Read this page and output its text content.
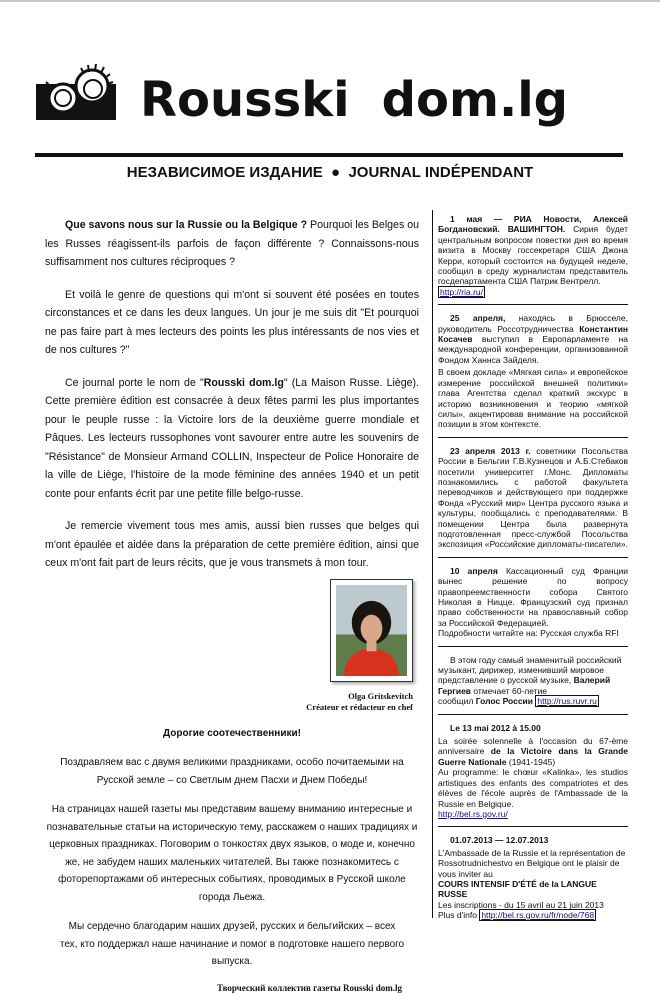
Rousski dom.lg
НЕЗАВИСИМОЕ ИЗДАНИЕ  ●  JOURNAL INDÉPENDANT

Que savons nous sur la Russie ou la Belgique ? Pourquoi les Belges ou les Russes réagissent-ils parfois de façon différente ? Connaissons-nous suffisamment nos cultures réciproques ?

Et voilà le genre de questions qui m'ont si souvent été posées en toutes circonstances et ce dans les deux langues. Un jour je me suis dit "Et pourquoi ne pas faire part à mes lecteurs des points les plus intéressants de nos vies et de nos cultures ?"

Ce journal porte le nom de "Rousski dom.lg" (La Maison Russe. Liège). Cette première édition est consacrée à deux fêtes parmi les plus importantes pour le peuple russe : la Victoire lors de la deuxième guerre mondiale et Pâques. Les lecteurs russophones vont savourer entre autre les souvenirs de "Résistance" de Monsieur Armand COLLIN, Inspecteur de Police Honoraire de la ville de Liège, l'histoire de la mode féminine des années 1940 et un petit conte pour enfants écrit par une petite fille belgo-russe.

Je remercie vivement tous mes amis, aussi bien russes que belges qui m'ont épaulée et aidée dans la préparation de cette première édition, ainsi que ceux m'ont fait part de leurs récits, que je vous transmets à mon tour.

Olga Gritskevitch
Créateur et rédacteur en chef

Дорогие соотечественники!

Поздравляем вас с двумя великими праздниками, особо почитаемыми на Русской земле – со Светлым днем Пасхи и Днем Победы!

На страницах нашей газеты мы представим вашему вниманию интересные и познавательные статьи на историческую тему, расскажем о наших традициях и церковных праздниках. Поговорим о тонкостях двух языков, о моде и, конечно же, не забудем наших маленьких читателей. Вы также познакомитесь с фоторепортажами об интересных событиях, проводимых в Русской школе города Льежа.

Мы сердечно благодарим наших друзей, русских и бельгийских – всех тех, кто поддержал наше начинание и помог в подготовке нашего первого выпуска.

Творческий коллектив газеты Rousski dom.lg
1 мая — РИА Новости, Алексей Богдановский. ВАШИНГТОН. Сирия будет центральным вопросом повестки дня во время визита в Москву госсекретаря США Джона Керри, который состоится на будущей неделе, сообщил в среду журналистам представитель госдепартамента США Патрик Вентрелл.
http://ria.ru/
25 апреля, находясь в Брюсселе, руководитель Россотрудничества Константин Косачев выступил в Европарламенте на международной конференции, организованной Фондом Ханнса Зайделя.
В своем докладе «Мягкая сила» и европейское измерение российской внешней политики» глава Агентства сделал краткий экскурс в историю возникновения и теорию «мягкой силы», акцентировав внимание на российской позиции в этом контексте.
23 апреля 2013 г. советники Посольства России в Бельгии Г.В.Кузнецов и А.Б.Стебаков посетили университет г.Монс. Дипломаты познакомились с работой факультета переводчиков и действующего при поддержке Фонда «Русский мир» Центра русского языка и культуры, пообщались с преподавателями. В помещении Центра была развернута подготовленная пресс-службой Посольства экспозиция «Российские дипломаты-писатели».
10 апреля Кассационный суд Франции вынес решение по вопросу правопреемственности собора Святого Николая в Ницце. Французский суд признал право собственности на православный собор за Российской Федерацией.
Подробности читайте на: Русская служба RFI
В этом году самый знаменитый российский музыкант, дирижер, изменивший мировое представление о русской музыке, Валерий Гергиев отмечает 60-летие
сообщил Голос России http://rus.ruvr.ru
Le 13 mai 2012 à 15.00
La soirée solennelle à l'occasion du 67-ème anniversaire de la Victoire dans la Grande Guerre Nationale (1941-1945)
Au programme: le chœur «Kalinka», les studios artistiques des enfants des compatriotes et des élèves de l'école auprès de l'Ambassade de la Russie en Belgique.
http://bel.rs.gov.ru/
01.07.2013 — 12.07.2013
L'Ambassade de la Russie et la représentation de Rossotrudnichestvo en Belgique ont le plaisir de vous inviter au
COURS INTENSIF D'ÉTÉ de la LANGUE RUSSE
Les inscriptions - du 15 avril au 21 juin 2013
Plus d'info http://bel.rs.gov.ru/fr/node/768
